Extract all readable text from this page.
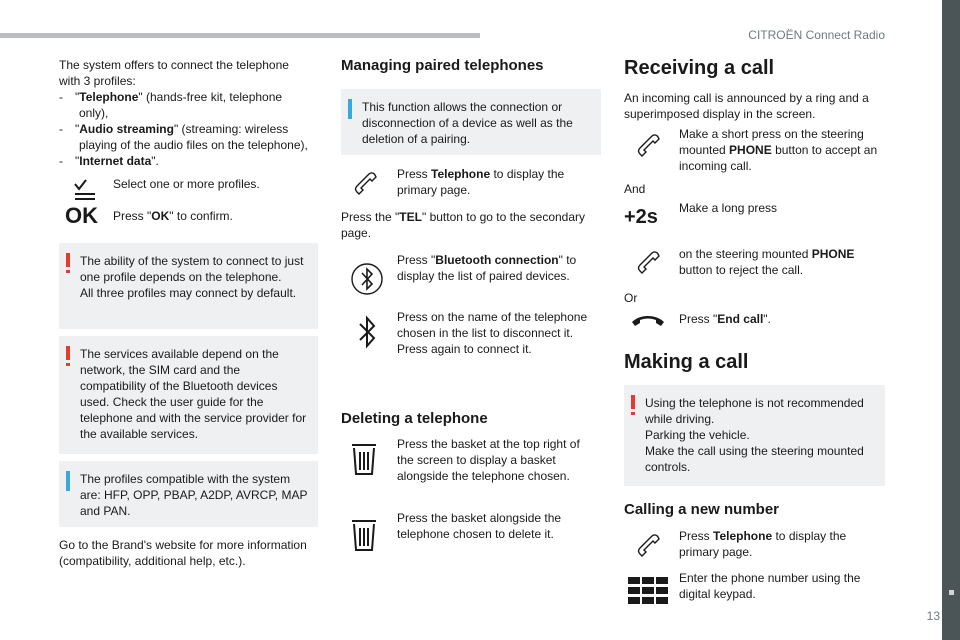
CITROËN Connect Radio
13

The system offers to connect the telephone
with 3 profiles:

- "Telephone" (hands-free kit, telephone only),

- "Audio streaming" (streaming: wireless playing of the audio files on the telephone),

- "Internet data".

Select one or more profiles.

OK Press "OK" to confirm.

The ability of the system to connect to just one profile depends on the telephone.
All three profiles may connect by default.

The services available depend on the network, the SIM card and the compatibility of the Bluetooth devices used. Check the user guide for the telephone and with the service provider for the available services.

The profiles compatible with the system are: HFP, OPP, PBAP, A2DP, AVRCP, MAP and PAN.

Go to the Brand's website for more information (compatibility, additional help, etc.).

Managing paired telephones

This function allows the connection or disconnection of a device as well as the deletion of a pairing.

Press Telephone to display the primary page.

Press the "TEL" button to go to the secondary page.

Press "Bluetooth connection" to display the list of paired devices.

Press on the name of the telephone chosen in the list to disconnect it.
Press again to connect it.

Deleting a telephone

Press the basket at the top right of the screen to display a basket alongside the telephone chosen.

Press the basket alongside the telephone chosen to delete it.

Receiving a call

An incoming call is announced by a ring and a superimposed display in the screen.

Make a short press on the steering mounted PHONE button to accept an incoming call.

And

+2s	Make a long press

on the steering mounted PHONE button to reject the call.

Or

Press "End call".

Making a call

Using the telephone is not recommended while driving.
Parking the vehicle.
Make the call using the steering mounted controls.

Calling a new number

Press Telephone to display the primary page.

Enter the phone number using the digital keypad.
